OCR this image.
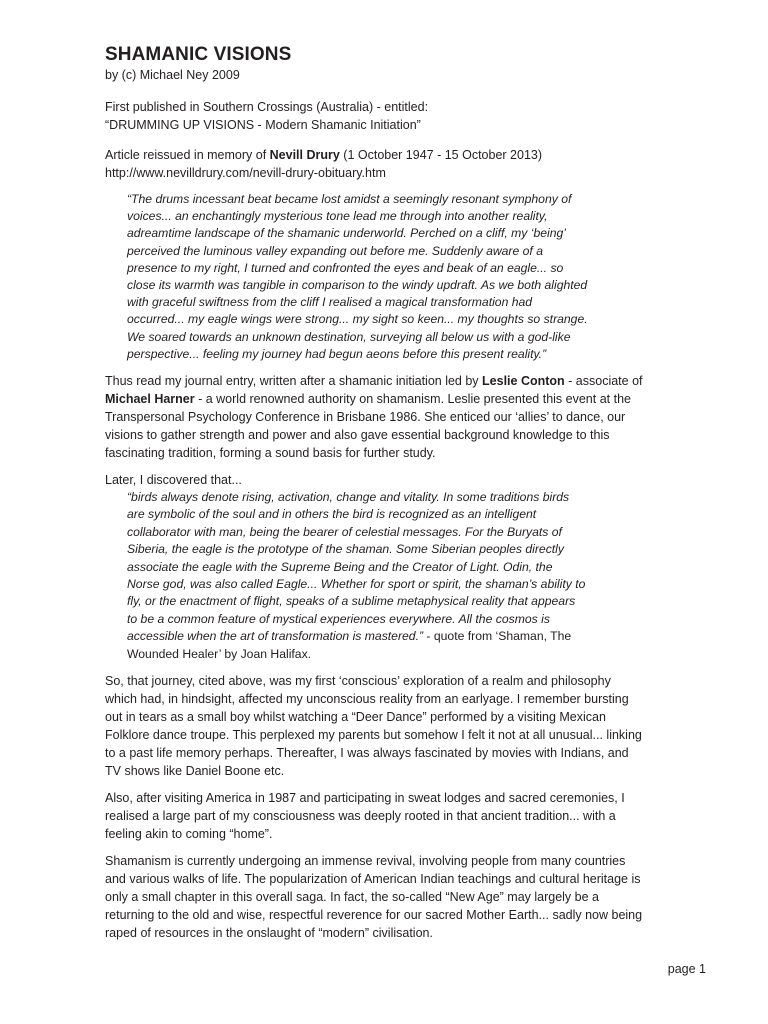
SHAMANIC VISIONS
by (c) Michael Ney 2009
First published in Southern Crossings (Australia) - entitled:
“DRUMMING UP VISIONS - Modern Shamanic Initiation”
Article reissued in memory of Nevill Drury (1 October 1947 - 15 October 2013)
http://www.nevilldrury.com/nevill-drury-obituary.htm
“The drums incessant beat became lost amidst a seemingly resonant symphony of voices... an enchantingly mysterious tone lead me through into another reality, adreamtime landscape of the shamanic underworld. Perched on a cliff, my ‘being’ perceived the luminous valley expanding out before me. Suddenly aware of a presence to my right, I turned and confronted the eyes and beak of an eagle... so close its warmth was tangible in comparison to the windy updraft. As we both alighted with graceful swiftness from the cliff I realised a magical transformation had occurred... my eagle wings were strong... my sight so keen... my thoughts so strange. We soared towards an unknown destination, surveying all below us with a god-like perspective... feeling my journey had begun aeons before this present reality.”

Thus read my journal entry, written after a shamanic initiation led by Leslie Conton - associate of Michael Harner - a world renowned authority on shamanism. Leslie presented this event at the Transpersonal Psychology Conference in Brisbane 1986. She enticed our ‘allies’ to dance, our visions to gather strength and power and also gave essential background knowledge to this fascinating tradition, forming a sound basis for further study.

Later, I discovered that...

“birds always denote rising, activation, change and vitality. In some traditions birds are symbolic of the soul and in others the bird is recognized as an intelligent collaborator with man, being the bearer of celestial messages. For the Buryats of Siberia, the eagle is the prototype of the shaman. Some Siberian peoples directly associate the eagle with the Supreme Being and the Creator of Light. Odin, the Norse god, was also called Eagle... Whether for sport or spirit, the shaman’s ability to fly, or the enactment of flight, speaks of a sublime metaphysical reality that appears to be a common feature of mystical experiences everywhere. All the cosmos is accessible when the art of transformation is mastered.” - quote from ‘Shaman, The Wounded Healer’ by Joan Halifax.

So, that journey, cited above, was my first ‘conscious’ exploration of a realm and philosophy which had, in hindsight, affected my unconscious reality from an earlyage. I remember bursting out in tears as a small boy whilst watching a “Deer Dance” performed by a visiting Mexican Folklore dance troupe. This perplexed my parents but somehow I felt it not at all unusual... linking to a past life memory perhaps. Thereafter, I was always fascinated by movies with Indians, and TV shows like Daniel Boone etc.

Also, after visiting America in 1987 and participating in sweat lodges and sacred ceremonies, I realised a large part of my consciousness was deeply rooted in that ancient tradition... with a feeling akin to coming “home”.

Shamanism is currently undergoing an immense revival, involving people from many countries and various walks of life. The popularization of American Indian teachings and cultural heritage is only a small chapter in this overall saga. In fact, the so-called “New Age” may largely be a returning to the old and wise, respectful reverence for our sacred Mother Earth... sadly now being raped of resources in the onslaught of “modern” civilisation.

page 1
